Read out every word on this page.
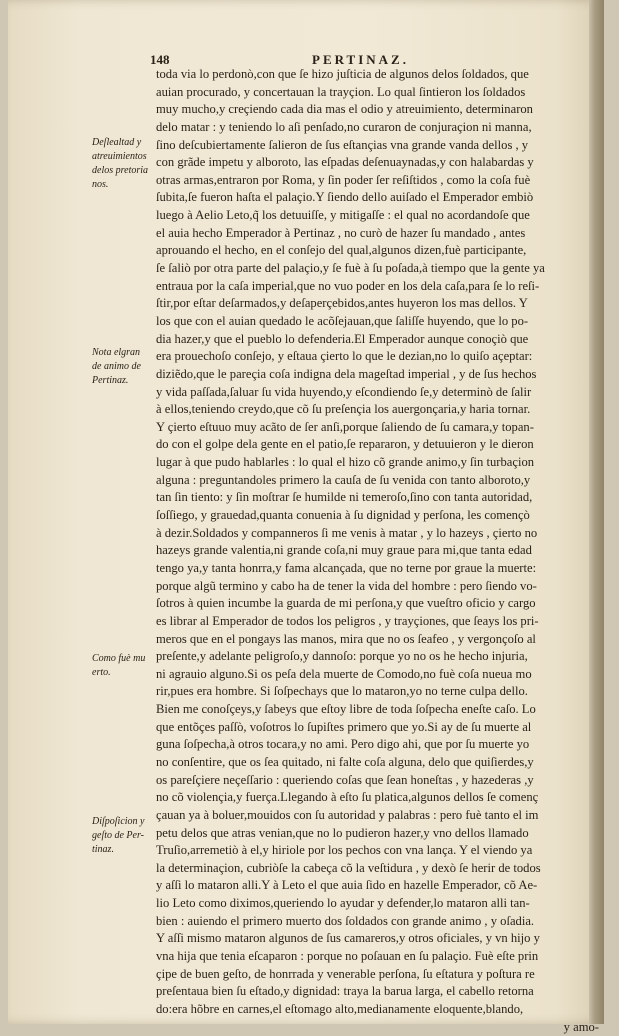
148	PERTINAZ.
toda via lo perdonò,con que ſe hizo juſticia de algunos delos ſoldados, que
auian procurado, y concertauan la trayçion. Lo qual ſintieron los ſoldados
muy mucho,y creçiendo cada dia mas el odio y atreuimiento, determinaron
delo matar : y teniendo lo aſi penſado,no curaron de conjuraçion ni manna,
ſino deſcubiertamente ſalieron de ſus eſtançias vna grande vanda dellos , y
con grãde impetu y alboroto, las eſpadas deſenuaynadas,y con halabardas y
otras armas,entraron por Roma, y ſin poder ſer reſiſtidos , como la coſa fuè
ſubita,ſe fueron haſta el palaçio.Y ſiendo dello auiſado el Emperador embiò
luego à Aelio Leto,q̃ los detuuiſſe, y mitigaſſe : el qual no acordandoſe que
el auia hecho Emperador à Pertinaz , no curò de hazer ſu mandado , antes
aprouando el hecho, en el conſejo del qual,algunos dizen,fuè participante,
ſe ſaliò por otra parte del palaçio,y ſe fuè à ſu poſada,à tiempo que la gente ya
entraua por la caſa imperial,que no vuo poder en los dela caſa,para ſe lo reſi-
ſtir,por eſtar deſarmados,y deſaperçebidos,antes huyeron los mas dellos. Y
los que con el auian quedado le acõſejauan,que ſaliſſe huyendo, que lo po-
dia hazer,y que el pueblo lo defenderia.El Emperador aunque conoçiò que
era prouechoſo conſejo, y eſtaua çierto lo que le dezian,no lo quiſo açeptar:
diziẽdo,que le pareçia coſa indigna dela mageſtad imperial , y de ſus hechos
y vida paſſada,ſaluar ſu vida huyendo,y eſcondiendo ſe,y determinò de ſalir
à ellos,teniendo creydo,que cõ ſu preſençia los auergonçaria,y haria tornar.
Y çierto eſtuuo muy acãto de ſer anſi,porque ſaliendo de ſu camara,y topan-
do con el golpe dela gente en el patio,ſe repararon, y detuuieron y le dieron
lugar à que pudo hablarles : lo qual el hizo cõ grande animo,y ſin turbaçion
alguna : preguntandoles primero la cauſa de ſu venida con tanto alboroto,y
tan ſin tiento: y ſin moſtrar ſe humilde ni temeroſo,ſino con tanta autoridad,
ſoſſiego, y grauedad,quanta conuenia à ſu dignidad y perſona, les començò
à dezir.Soldados y companneros ſi me venis à matar , y lo hazeys , çierto no
hazeys grande valentia,ni grande coſa,ni muy graue para mi,que tanta edad
tengo ya,y tanta honrra,y fama alcançada, que no terne por graue la muerte:
porque algũ termino y cabo ha de tener la vida del hombre : pero ſiendo vo-
ſotros à quien incumbe la guarda de mi perſona,y que vueſtro oficio y cargo
es librar al Emperador de todos los peligros , y trayçiones, que ſeays los pri-
meros que en el pongays las manos, mira que no os ſeafeo , y vergonçoſo al
preſente,y adelante peligroſo,y dannoſo: porque yo no os he hecho injuria,
ni agrauio alguno.Si os peſa dela muerte de Comodo,no fuè coſa nueua mo
rir,pues era hombre. Si ſoſpechays que lo mataron,yo no terne culpa dello.
Bien me conoſçeys,y ſabeys que eſtoy libre de toda ſoſpecha eneſte caſo. Lo
que entõçes paſſò, voſotros lo ſupiſtes primero que yo.Si ay de ſu muerte al
guna ſoſpecha,à otros tocara,y no ami. Pero digo ahi, que por ſu muerte yo
no conſentire, que os ſea quitado, ni falte coſa alguna, delo que quiſierdes,y
os pareſçiere neçeſſario : queriendo coſas que ſean honeſtas , y hazederas ,y
no cõ violençia,y fuerça.Llegando à eſto ſu platica,algunos dellos ſe començ
çauan ya à boluer,mouidos con ſu autoridad y palabras : pero fuè tanto el im
petu delos que atras venian,que no lo pudieron hazer,y vno dellos llamado
Truſio,arremetiò à el,y hiriole por los pechos con vna lança. Y el viendo ya
la determinaçion, cubriòſe la cabeça cõ la veſtidura , y dexò ſe herir de todos
y aſſi lo mataron alli.Y à Leto el que auia ſido en hazelle Emperador, cõ Ae-
lio Leto como diximos,queriendo lo ayudar y defender,lo mataron alli tan-
bien : auiendo el primero muerto dos ſoldados con grande animo , y oſadia.
Y aſſi mismo mataron algunos de ſus camareros,y otros oficiales, y vn hijo y
vna hija que tenia eſcaparon : porque no poſauan en ſu palaçio. Fuè eſte prin
çipe de buen geſto, de honrrada y venerable perſona, ſu eſtatura y poſtura re
preſentaua bien ſu eſtado,y dignidad: traya la barua larga, el cabello retorna
do:era hõbre en carnes,el eſtomago alto,medianamente eloquente,blando,
y amo-
Deſlealtad y
atreuimientos
delos pretoria
nos.
Nota elgran
de animo de
Pertinaz.
Como fuè mu
erto.
Diſpoſicion y
geſto de Per-
tinaz.
